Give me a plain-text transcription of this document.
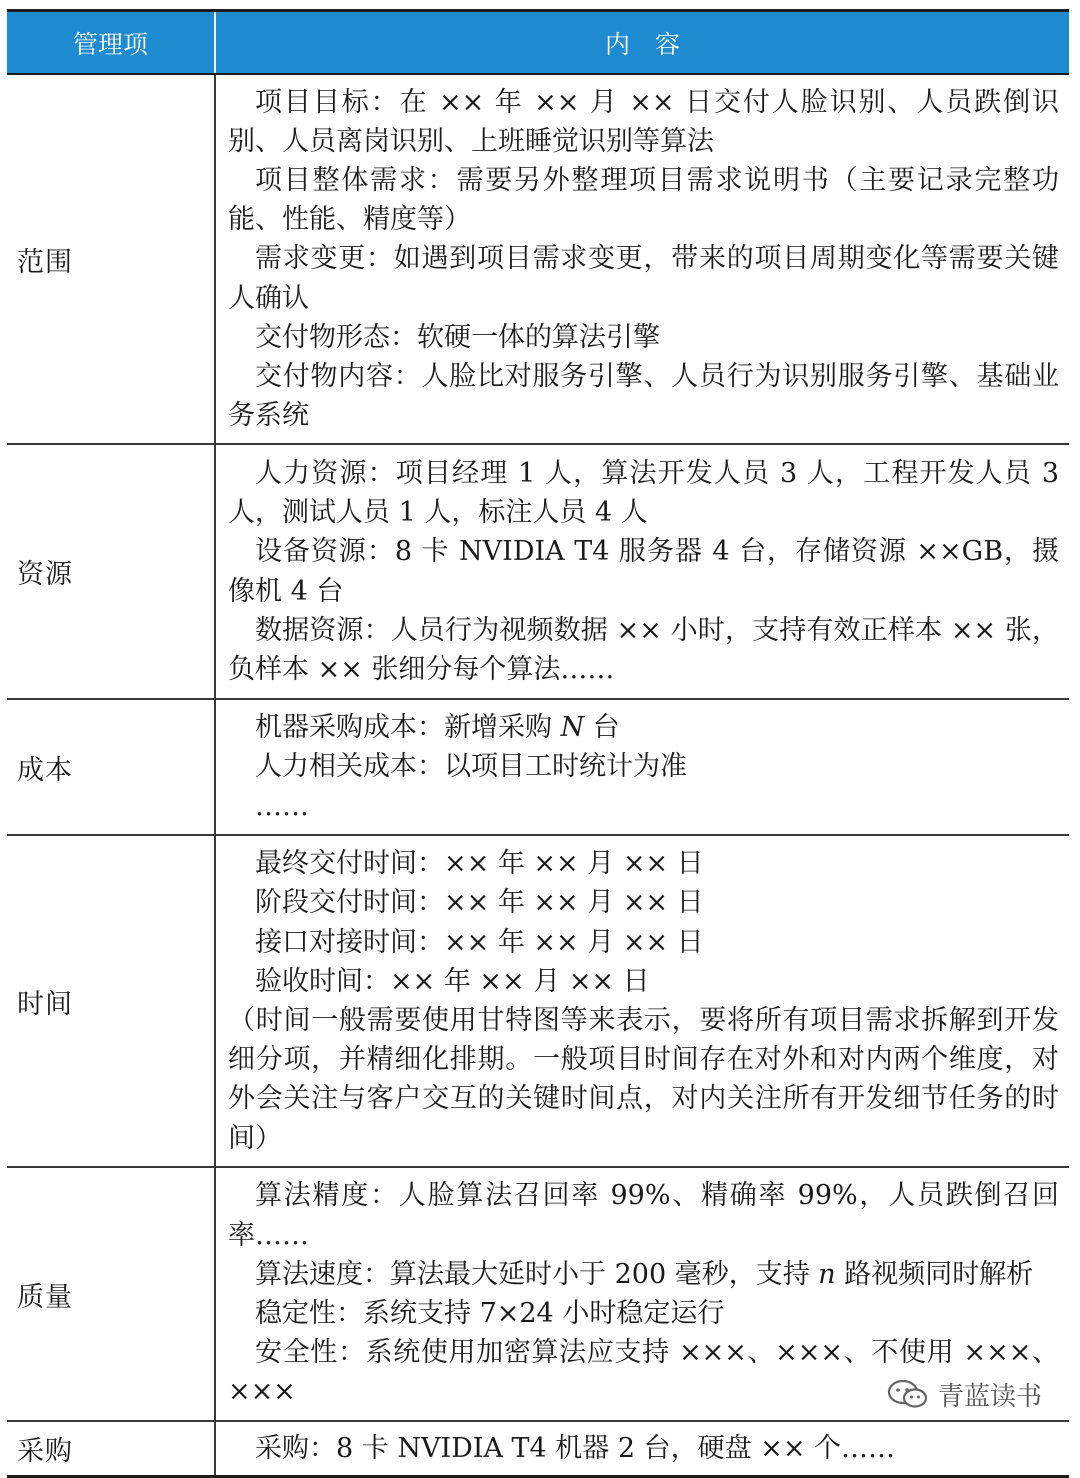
管理项	内　容
范围	项目目标：在 ×× 年 ×× 月 ×× 日交付人脸识别、人员跌倒识别、人员离岗识别、上班睡觉识别等算法

项目整体需求：需要另外整理项目需求说明书（主要记录完整功能、性能、精度等）

需求变更：如遇到项目需求变更，带来的项目周期变化等需要关键人确认

交付物形态：软硬一体的算法引擎

交付物内容：人脸比对服务引擎、人员行为识别服务引擎、基础业务系统

资源	人力资源：项目经理 1 人，算法开发人员 3 人，工程开发人员 3 人，测试人员 1 人，标注人员 4 人

设备资源：8 卡 NVIDIA T4 服务器 4 台，存储资源 ××GB，摄像机 4 台

数据资源：人员行为视频数据 ×× 小时，支持有效正样本 ×× 张，负样本 ×× 张细分每个算法……

成本	机器采购成本：新增采购 N 台

人力相关成本：以项目工时统计为准

……

时间	最终交付时间：×× 年 ×× 月 ×× 日

阶段交付时间：×× 年 ×× 月 ×× 日

接口对接时间：×× 年 ×× 月 ×× 日

验收时间：×× 年 ×× 月 ×× 日

（时间一般需要使用甘特图等来表示，要将所有项目需求拆解到开发细分项，并精细化排期。一般项目时间存在对外和对内两个维度，对外会关注与客户交互的关键时间点，对内关注所有开发细节任务的时间）

质量	算法精度：人脸算法召回率 99%、精确率 99%，人员跌倒召回率……

算法速度：算法最大延时小于 200 毫秒，支持 n 路视频同时解析

稳定性：系统支持 7×24 小时稳定运行

安全性：系统使用加密算法应支持 ×××、×××、不使用 ×××、×××

采购	采购：8 卡 NVIDIA T4 机器 2 台，硬盘 ×× 个……

青蓝读书
